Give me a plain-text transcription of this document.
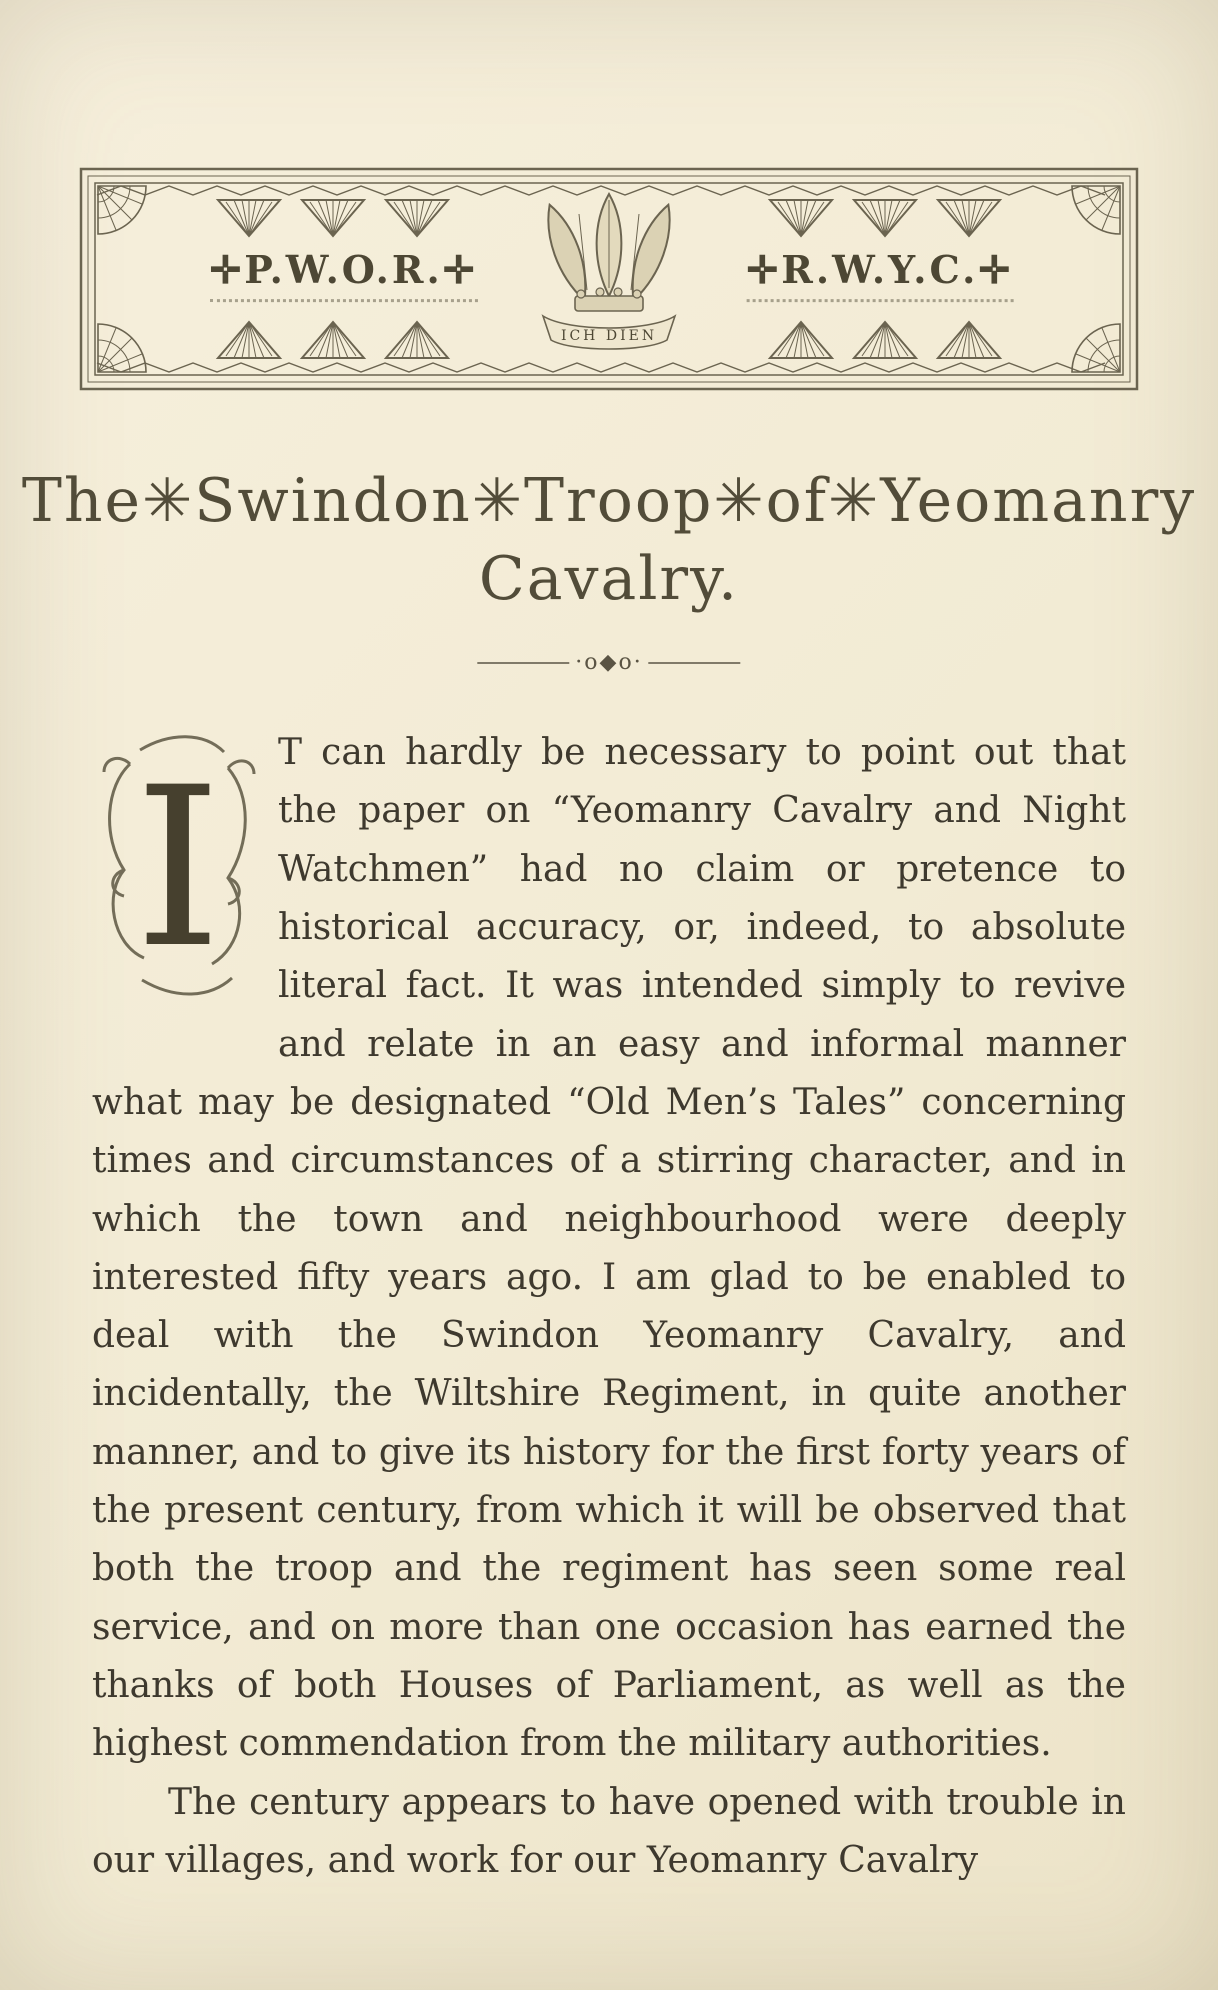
ICH DIEN
✛P.W.O.R.✛	✛R.W.Y.C.✛
The✳Swindon✳Troop✳of✳Yeomanry
Cavalry.
·o◆o·

I T can hardly be necessary to point out that the paper on “Yeomanry Cavalry and Night Watchmen” had no claim or pretence to historical accuracy, or, indeed, to absolute literal fact. It was intended simply to revive and relate in an easy and informal manner what may be designated “Old Men’s Tales” concerning times and circumstances of a stirring character, and in which the town and neighbourhood were deeply interested fifty years ago. I am glad to be enabled to deal with the Swindon Yeomanry Cavalry, and incidentally, the Wiltshire Regiment, in quite another manner, and to give its history for the first forty years of the present century, from which it will be observed that both the troop and the regiment has seen some real service, and on more than one occasion has earned the thanks of both Houses of Parliament, as well as the highest commendation from the military authorities.

The century appears to have opened with trouble in our villages, and work for our Yeomanry Cavalry
